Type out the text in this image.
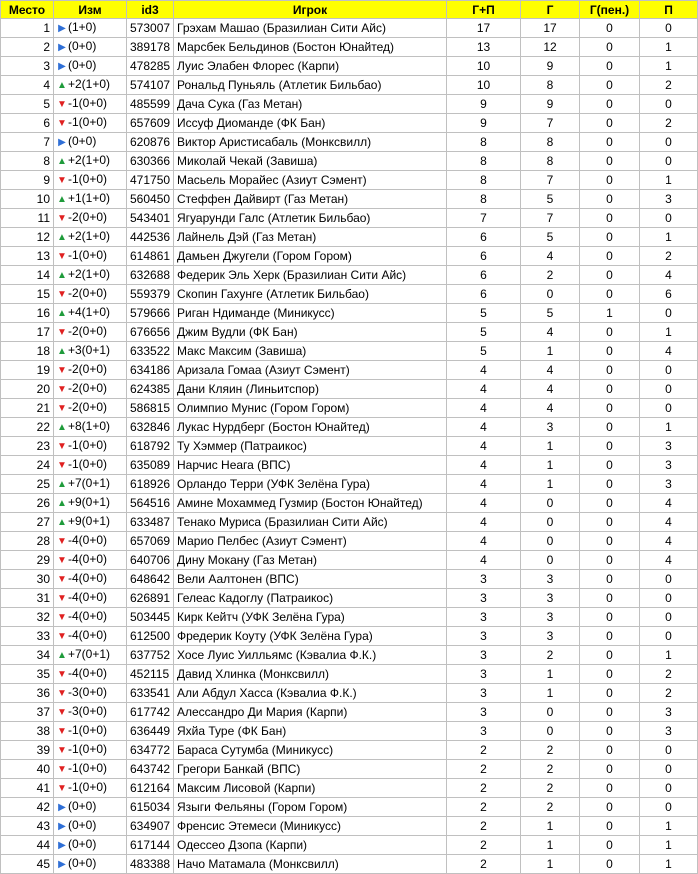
Место	Изм	id3	Игрок	Г+П	Г	Г(пен.)	П
1	▶ (1+0)	573007	Грэхам Машао (Бразилиан Сити Айс)	17	17	0	0
2	▶ (0+0)	389178	Марсбек Бельдинов (Бостон Юнайтед)	13	12	0	1
3	▶ (0+0)	478285	Луис Элабен Флорес (Карпи)	10	9	0	1
4	▲+2(1+0)	574107	Рональд Пуньяль (Атлетик Бильбао)	10	8	0	2
5	▼-1(0+0)	485599	Дача Сука (Газ Метан)	9	9	0	0
6	▼-1(0+0)	657609	Иссуф Диоманде (ФК Бан)	9	7	0	2
7	▶ (0+0)	620876	Виктор Аристисабаль (Монксвилл)	8	8	0	0
8	▲+2(1+0)	630366	Миколай Чекай (Завиша)	8	8	0	0
9	▼-1(0+0)	471750	Масьель Морайес (Азиут Сэмент)	8	7	0	1
10	▲+1(1+0)	560450	Стеффен Дайвирт (Газ Метан)	8	5	0	3
11	▼-2(0+0)	543401	Ягуарунди Галс (Атлетик Бильбао)	7	7	0	0
12	▲+2(1+0)	442536	Лайнель Дэй (Газ Метан)	6	5	0	1
13	▼-1(0+0)	614861	Дамьен Джугели (Гором Гором)	6	4	0	2
14	▲+2(1+0)	632688	Федерик Эль Херк (Бразилиан Сити Айс)	6	2	0	4
15	▼-2(0+0)	559379	Скопин Гахунге (Атлетик Бильбао)	6	0	0	6
16	▲+4(1+0)	579666	Риган Ндиманде (Миникусс)	5	5	1	0
17	▼-2(0+0)	676656	Джим Вудли (ФК Бан)	5	4	0	1
18	▲+3(0+1)	633522	Макс Максим (Завиша)	5	1	0	4
19	▼-2(0+0)	634186	Аризала Гомаа (Азиут Сэмент)	4	4	0	0
20	▼-2(0+0)	624385	Дани Кляин (Линьитспор)	4	4	0	0
21	▼-2(0+0)	586815	Олимпио Мунис (Гором Гором)	4	4	0	0
22	▲+8(1+0)	632846	Лукас Нурдберг (Бостон Юнайтед)	4	3	0	1
23	▼-1(0+0)	618792	Ту Хэммер (Патраикос)	4	1	0	3
24	▼-1(0+0)	635089	Нарчис Неага (ВПС)	4	1	0	3
25	▲+7(0+1)	618926	Орландо Терри (УФК Зелёна Гура)	4	1	0	3
26	▲+9(0+1)	564516	Амине Мохаммед Гузмир (Бостон Юнайтед)	4	0	0	4
27	▲+9(0+1)	633487	Тенако Муриса (Бразилиан Сити Айс)	4	0	0	4
28	▼-4(0+0)	657069	Марио Пелбес (Азиут Сэмент)	4	0	0	4
29	▼-4(0+0)	640706	Дину Мокану (Газ Метан)	4	0	0	4
30	▼-4(0+0)	648642	Вели Аалтонен (ВПС)	3	3	0	0
31	▼-4(0+0)	626891	Гелеас Кадоглу (Патраикос)	3	3	0	0
32	▼-4(0+0)	503445	Кирк Кейтч (УФК Зелёна Гура)	3	3	0	0
33	▼-4(0+0)	612500	Фредерик Коуту (УФК Зелёна Гура)	3	3	0	0
34	▲+7(0+1)	637752	Хосе Луис Уилльямс (Кэвалиа Ф.К.)	3	2	0	1
35	▼-4(0+0)	452115	Давид Хлинка (Монксвилл)	3	1	0	2
36	▼-3(0+0)	633541	Али Абдул Хасса (Кэвалиа Ф.К.)	3	1	0	2
37	▼-3(0+0)	617742	Алессандро Ди Мария (Карпи)	3	0	0	3
38	▼-1(0+0)	636449	Яхйа Туре (ФК Бан)	3	0	0	3
39	▼-1(0+0)	634772	Бараса Сутумба (Миникусс)	2	2	0	0
40	▼-1(0+0)	643742	Грегори Банкай (ВПС)	2	2	0	0
41	▼-1(0+0)	612164	Максим Лисовой (Карпи)	2	2	0	0
42	▶ (0+0)	615034	Языги Фельяны (Гором Гором)	2	2	0	0
43	▶ (0+0)	634907	Френсис Этемеси (Миникусс)	2	1	0	1
44	▶ (0+0)	617144	Одессео Дзопа (Карпи)	2	1	0	1
45	▶ (0+0)	483388	Начо Матамала (Монксвилл)	2	1	0	1
